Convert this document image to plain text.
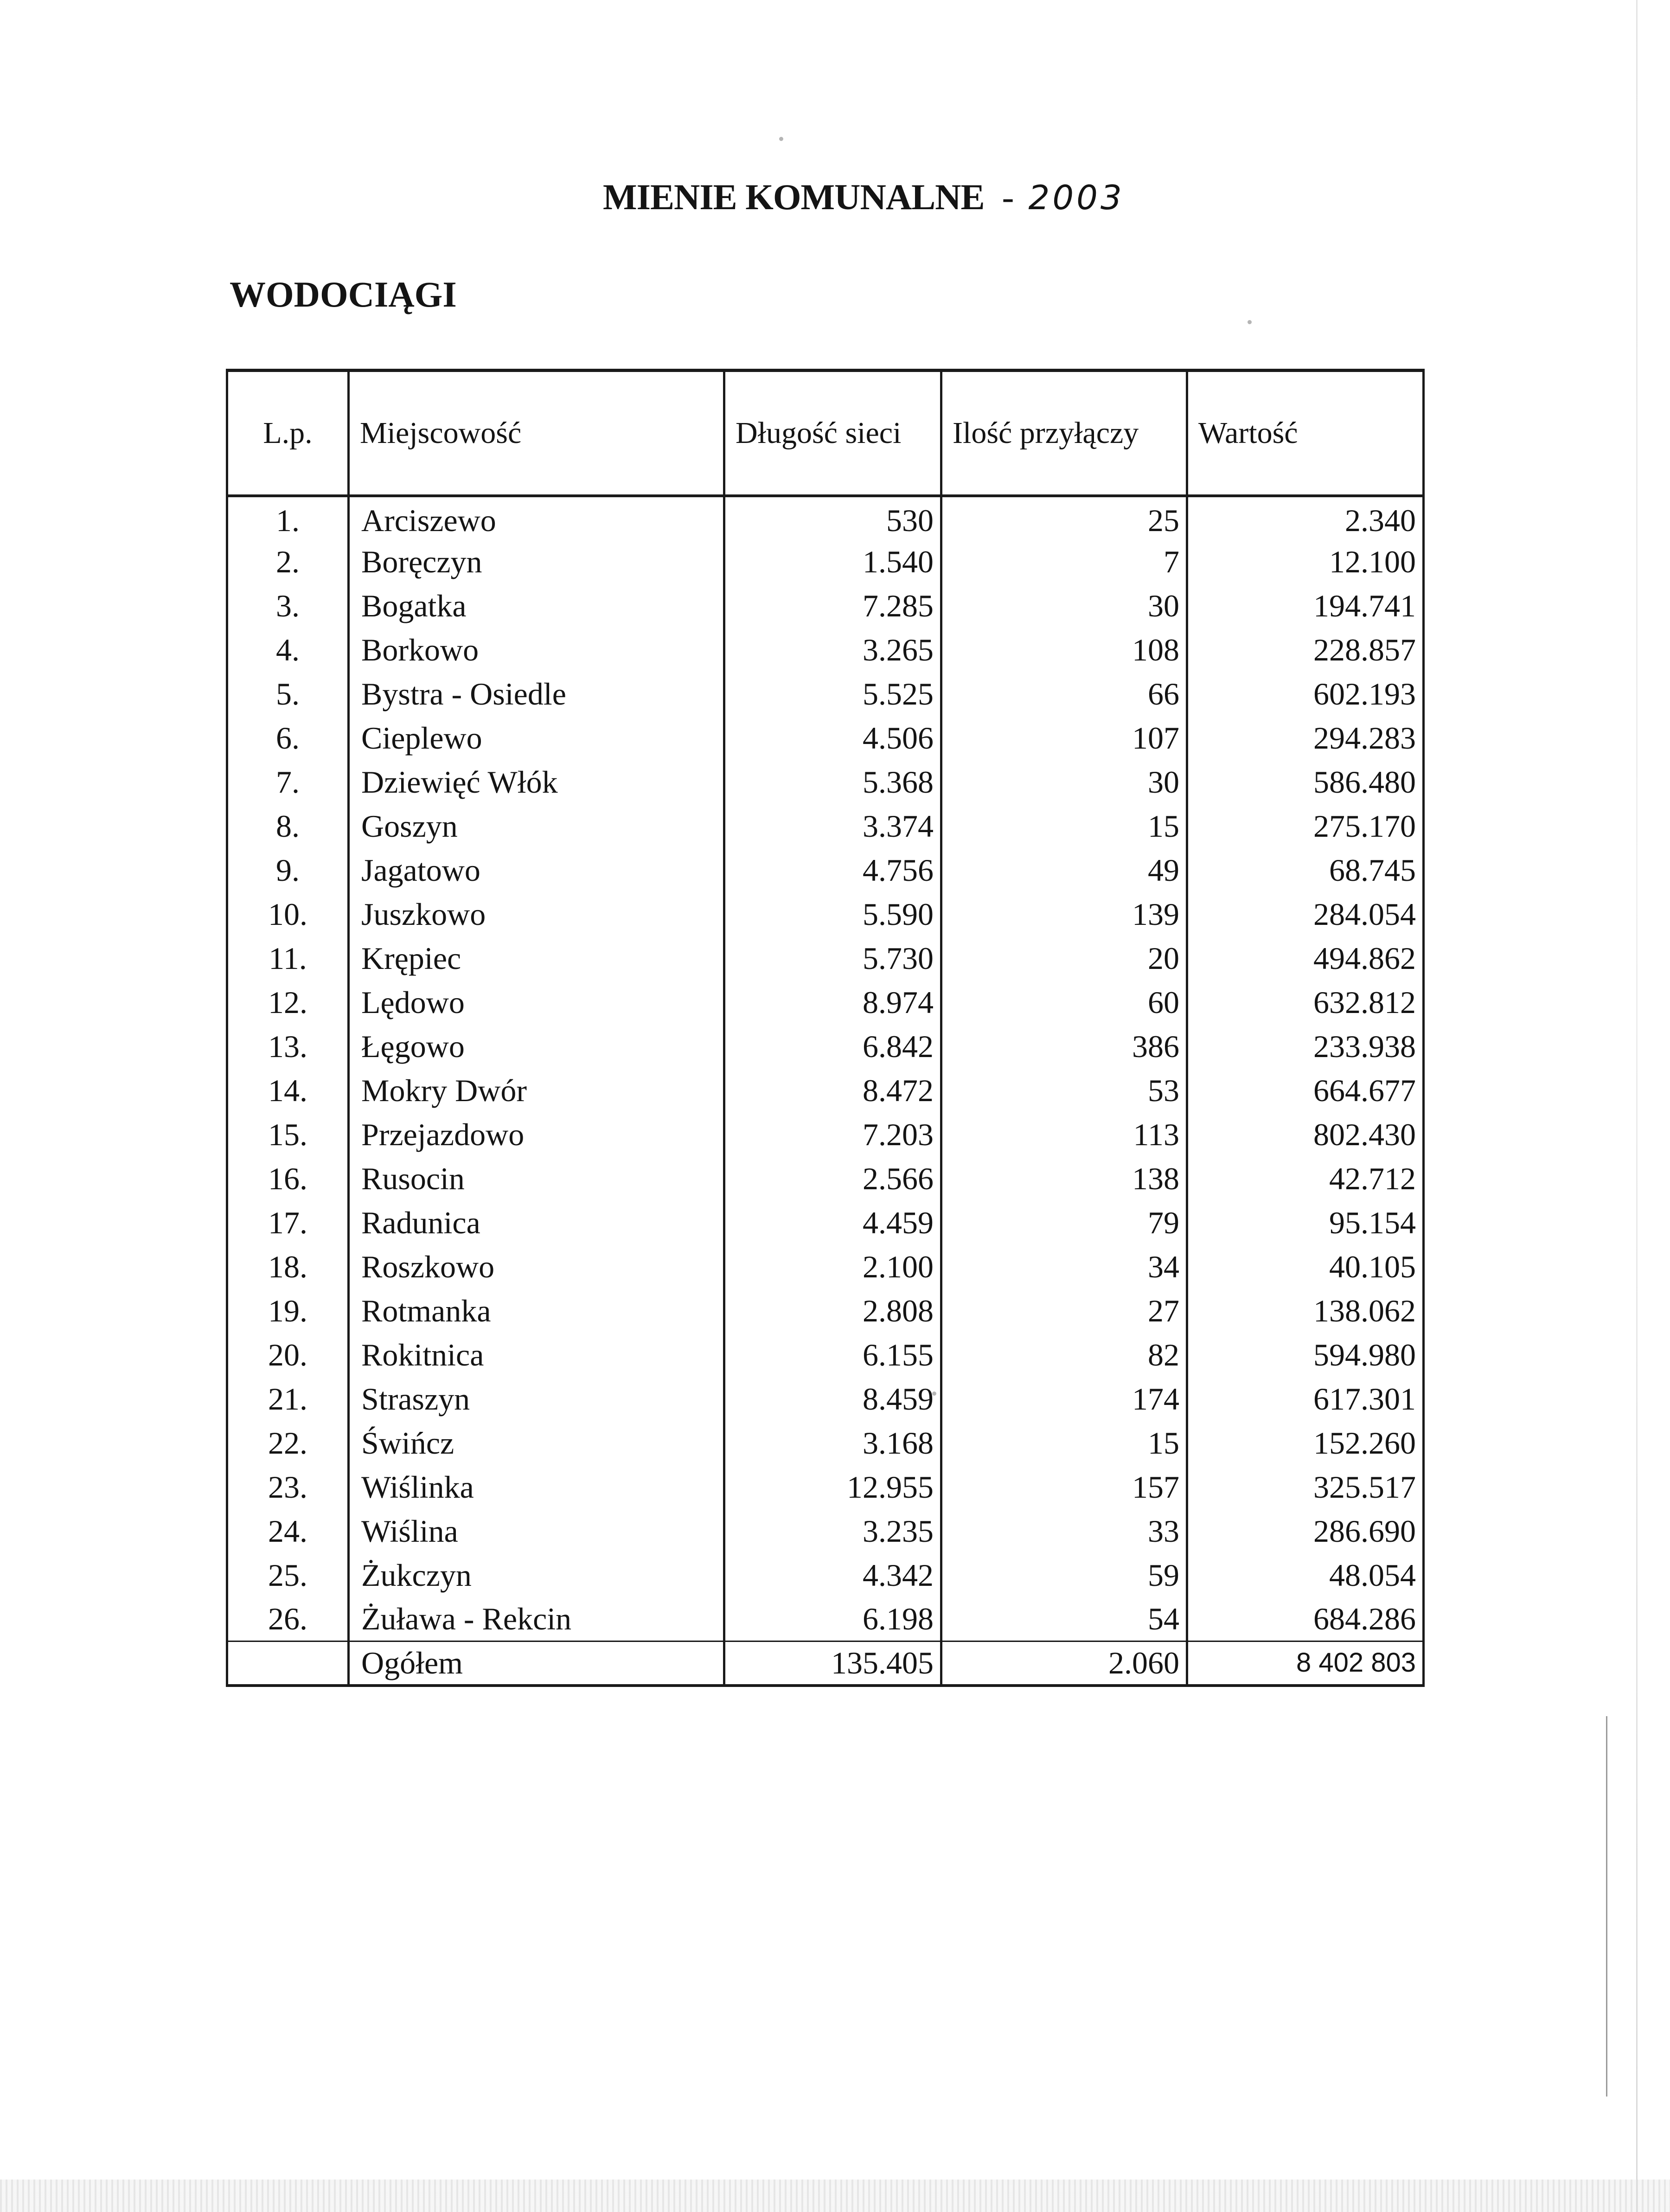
MIENIE KOMUNALNE - 2003
WODOCIĄGI
L.p.	Miejscowość	Długość sieci	Ilość przyłączy	Wartość
1.	Arciszewo	530	25	2.340
2.	Boręczyn	1.540	7	12.100
3.	Bogatka	7.285	30	194.741
4.	Borkowo	3.265	108	228.857
5.	Bystra - Osiedle	5.525	66	602.193
6.	Cieplewo	4.506	107	294.283
7.	Dziewięć Włók	5.368	30	586.480
8.	Goszyn	3.374	15	275.170
9.	Jagatowo	4.756	49	68.745
10.	Juszkowo	5.590	139	284.054
11.	Krępiec	5.730	20	494.862
12.	Lędowo	8.974	60	632.812
13.	Łęgowo	6.842	386	233.938
14.	Mokry Dwór	8.472	53	664.677
15.	Przejazdowo	7.203	113	802.430
16.	Rusocin	2.566	138	42.712
17.	Radunica	4.459	79	95.154
18.	Roszkowo	2.100	34	40.105
19.	Rotmanka	2.808	27	138.062
20.	Rokitnica	6.155	82	594.980
21.	Straszyn	8.459	174	617.301
22.	Świńcz	3.168	15	152.260
23.	Wiślinka	12.955	157	325.517
24.	Wiślina	3.235	33	286.690
25.	Żukczyn	4.342	59	48.054
26.	Żuława - Rekcin	6.198	54	684.286
	Ogółem	135.405	2.060	8 402 803
